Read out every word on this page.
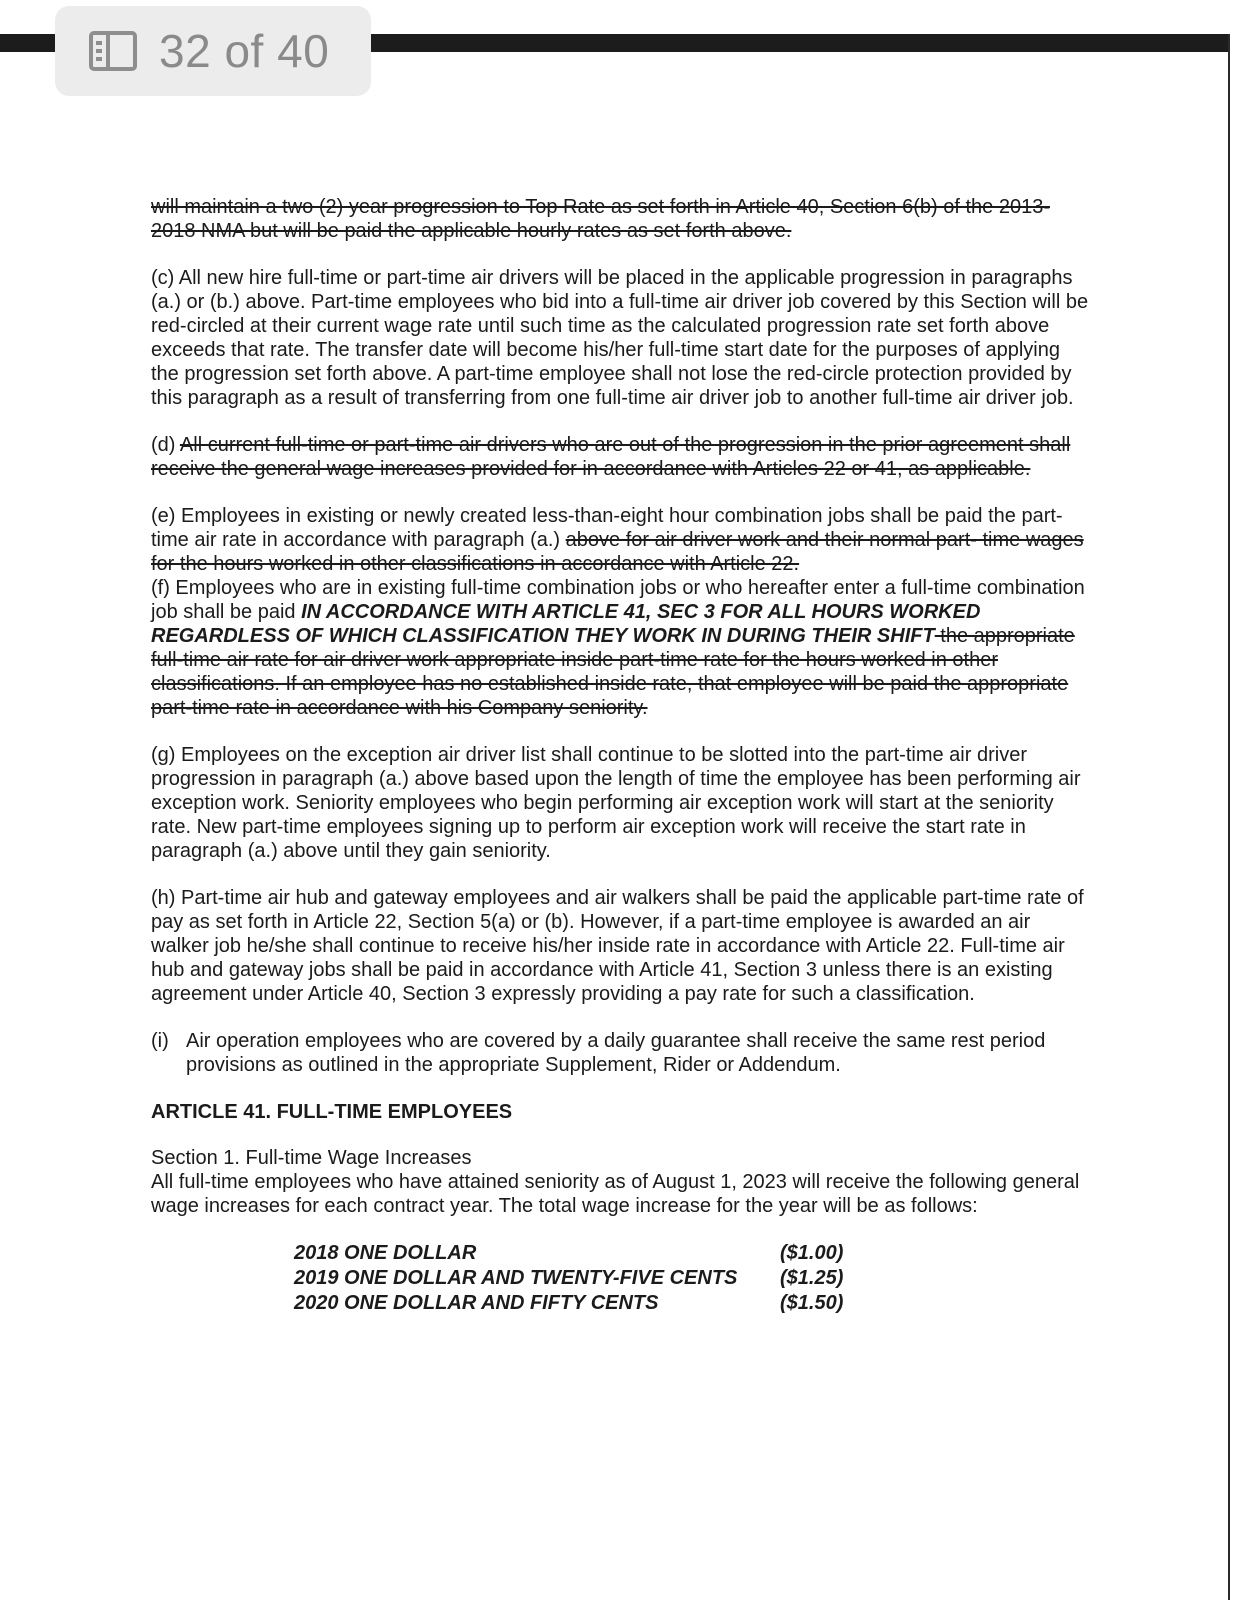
32 of 40

will maintain a two (2) year progression to Top Rate as set forth in Article 40, Section 6(b) of the 2013-2018 NMA but will be paid the applicable hourly rates as set forth above.

(c) All new hire full-time or part-time air drivers will be placed in the applicable progression in paragraphs (a.) or (b.) above. Part-time employees who bid into a full-time air driver job covered by this Section will be red-circled at their current wage rate until such time as the calculated progression rate set forth above exceeds that rate. The transfer date will become his/her full-time start date for the purposes of applying the progression set forth above. A part-time employee shall not lose the red-circle protection provided by this paragraph as a result of transferring from one full-time air driver job to another full-time air driver job.

(d) All current full-time or part-time air drivers who are out of the progression in the prior agreement shall receive the general wage increases provided for in accordance with Articles 22 or 41, as applicable.

(e) Employees in existing or newly created less-than-eight hour combination jobs shall be paid the part-time air rate in accordance with paragraph (a.) above for air driver work and their normal part- time wages for the hours worked in other classifications in accordance with Article 22.

(f) Employees who are in existing full-time combination jobs or who hereafter enter a full-time combination job shall be paid IN ACCORDANCE WITH ARTICLE 41, SEC 3 FOR ALL HOURS WORKED REGARDLESS OF WHICH CLASSIFICATION THEY WORK IN DURING THEIR SHIFT the appropriate full-time air rate for air driver work appropriate inside part-time rate for the hours worked in other classifications. If an employee has no established inside rate, that employee will be paid the appropriate part-time rate in accordance with his Company seniority.

(g) Employees on the exception air driver list shall continue to be slotted into the part-time air driver progression in paragraph (a.) above based upon the length of time the employee has been performing air exception work. Seniority employees who begin performing air exception work will start at the seniority rate. New part-time employees signing up to perform air exception work will receive the start rate in paragraph (a.) above until they gain seniority.

(h) Part-time air hub and gateway employees and air walkers shall be paid the applicable part-time rate of pay as set forth in Article 22, Section 5(a) or (b). However, if a part-time employee is awarded an air walker job he/she shall continue to receive his/her inside rate in accordance with Article 22. Full-time air hub and gateway jobs shall be paid in accordance with Article 41, Section 3 unless there is an existing agreement under Article 40, Section 3 expressly providing a pay rate for such a classification.

(i) Air operation employees who are covered by a daily guarantee shall receive the same rest period provisions as outlined in the appropriate Supplement, Rider or Addendum.
ARTICLE 41. FULL-TIME EMPLOYEES

Section 1. Full-time Wage Increases
All full-time employees who have attained seniority as of August 1, 2023 will receive the following general wage increases for each contract year. The total wage increase for the year will be as follows:

2018 ONE DOLLAR	($1.00)
2019 ONE DOLLAR AND TWENTY-FIVE CENTS	($1.25)
2020 ONE DOLLAR AND FIFTY CENTS	($1.50)
